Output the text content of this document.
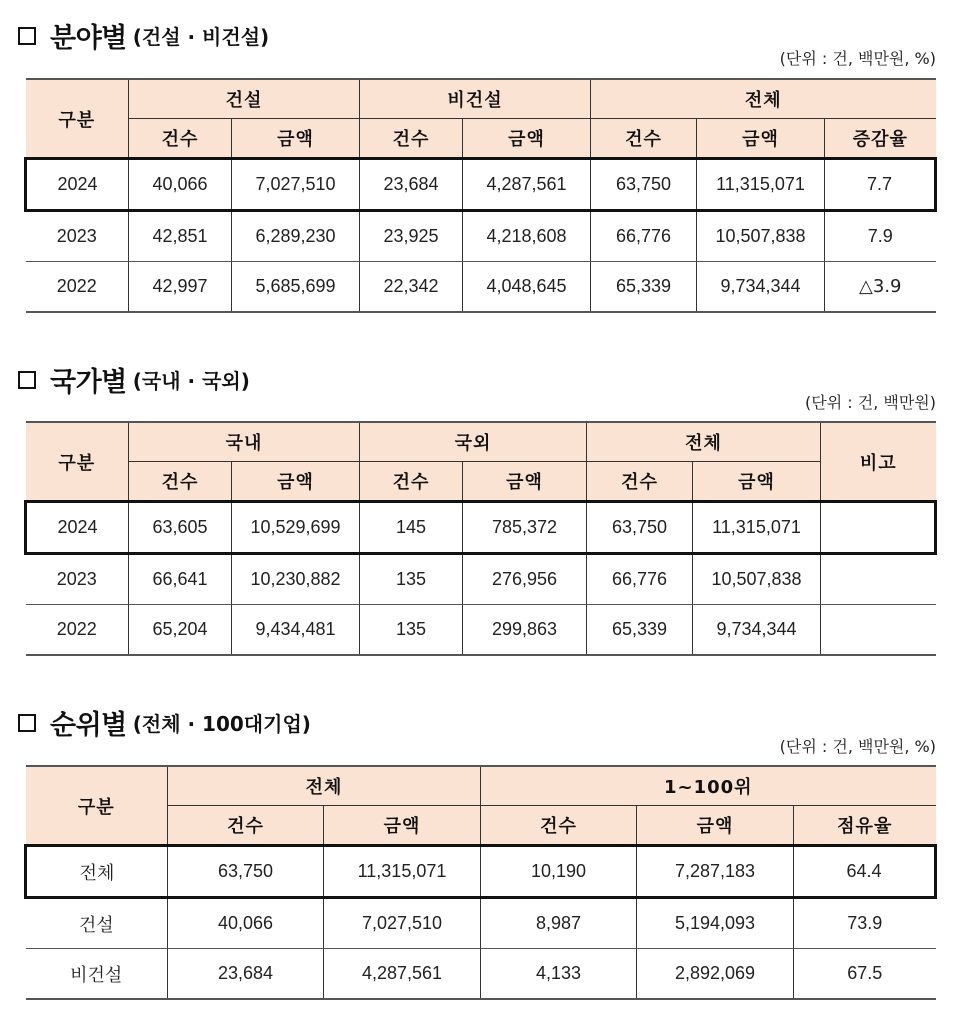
분야별 (건설 · 비건설)
(단위 : 건, 백만원, %)
구분	건설		비건설		전체		
	건수	금액	건수	금액	건수	금액	증감율
2024	40,066	7,027,510	23,684	4,287,561	63,750	11,315,071	7.7
2023	42,851	6,289,230	23,925	4,218,608	66,776	10,507,838	7.9
2022	42,997	5,685,699	22,342	4,048,645	65,339	9,734,344	△3.9
국가별 (국내 · 국외)
(단위 : 건, 백만원)
구분	국내		국외		전체		비고
	건수	금액	건수	금액	건수	금액	
2024	63,605	10,529,699	145	785,372	63,750	11,315,071	
2023	66,641	10,230,882	135	276,956	66,776	10,507,838	
2022	65,204	9,434,481	135	299,863	65,339	9,734,344	
순위별 (전체 · 100대기업)
(단위 : 건, 백만원, %)
구분	전체		1~100위		
	건수	금액	건수	금액	점유율
전체	63,750	11,315,071	10,190	7,287,183	64.4
건설	40,066	7,027,510	8,987	5,194,093	73.9
비건설	23,684	4,287,561	4,133	2,892,069	67.5
